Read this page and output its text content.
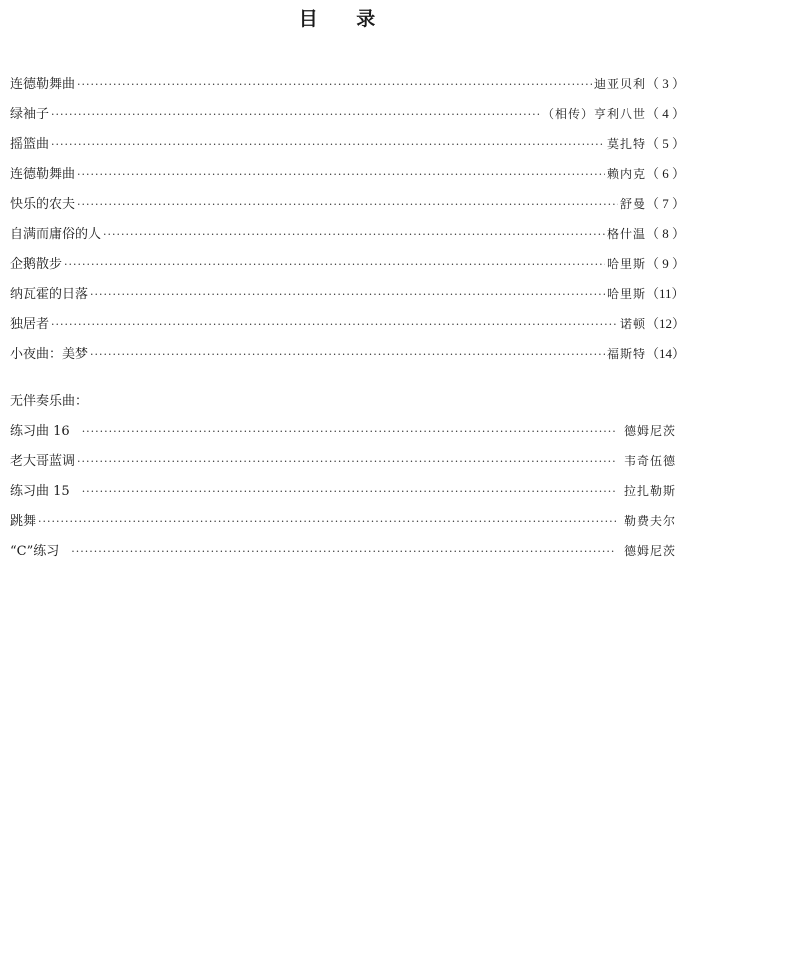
目 录
连德勒舞曲 ·····	迪亚贝利 （ 3 ）
绿袖子 ·····	（相传）亨利八世 （ 4 ）
摇篮曲 ·····	莫扎特 （ 5 ）
连德勒舞曲 ·····	赖内克 （ 6 ）
快乐的农夫 ·····	舒曼 （ 7 ）
自满而庸俗的人 ·····	格什温 （ 8 ）
企鹅散步 ·····	哈里斯 （ 9 ）
纳瓦霍的日落 ·····	哈里斯 （11）
独居者 ·····	诺顿 （12）
小夜曲：美梦 ·····	福斯特 （14）
无伴奏乐曲：
练习曲 16 ·····	德姆尼茨
老大哥蓝调 ·····	韦奇伍德
练习曲 15 ·····	拉扎勒斯
跳舞 ·····	勒费夫尔
“C”练习 ·····	德姆尼茨
